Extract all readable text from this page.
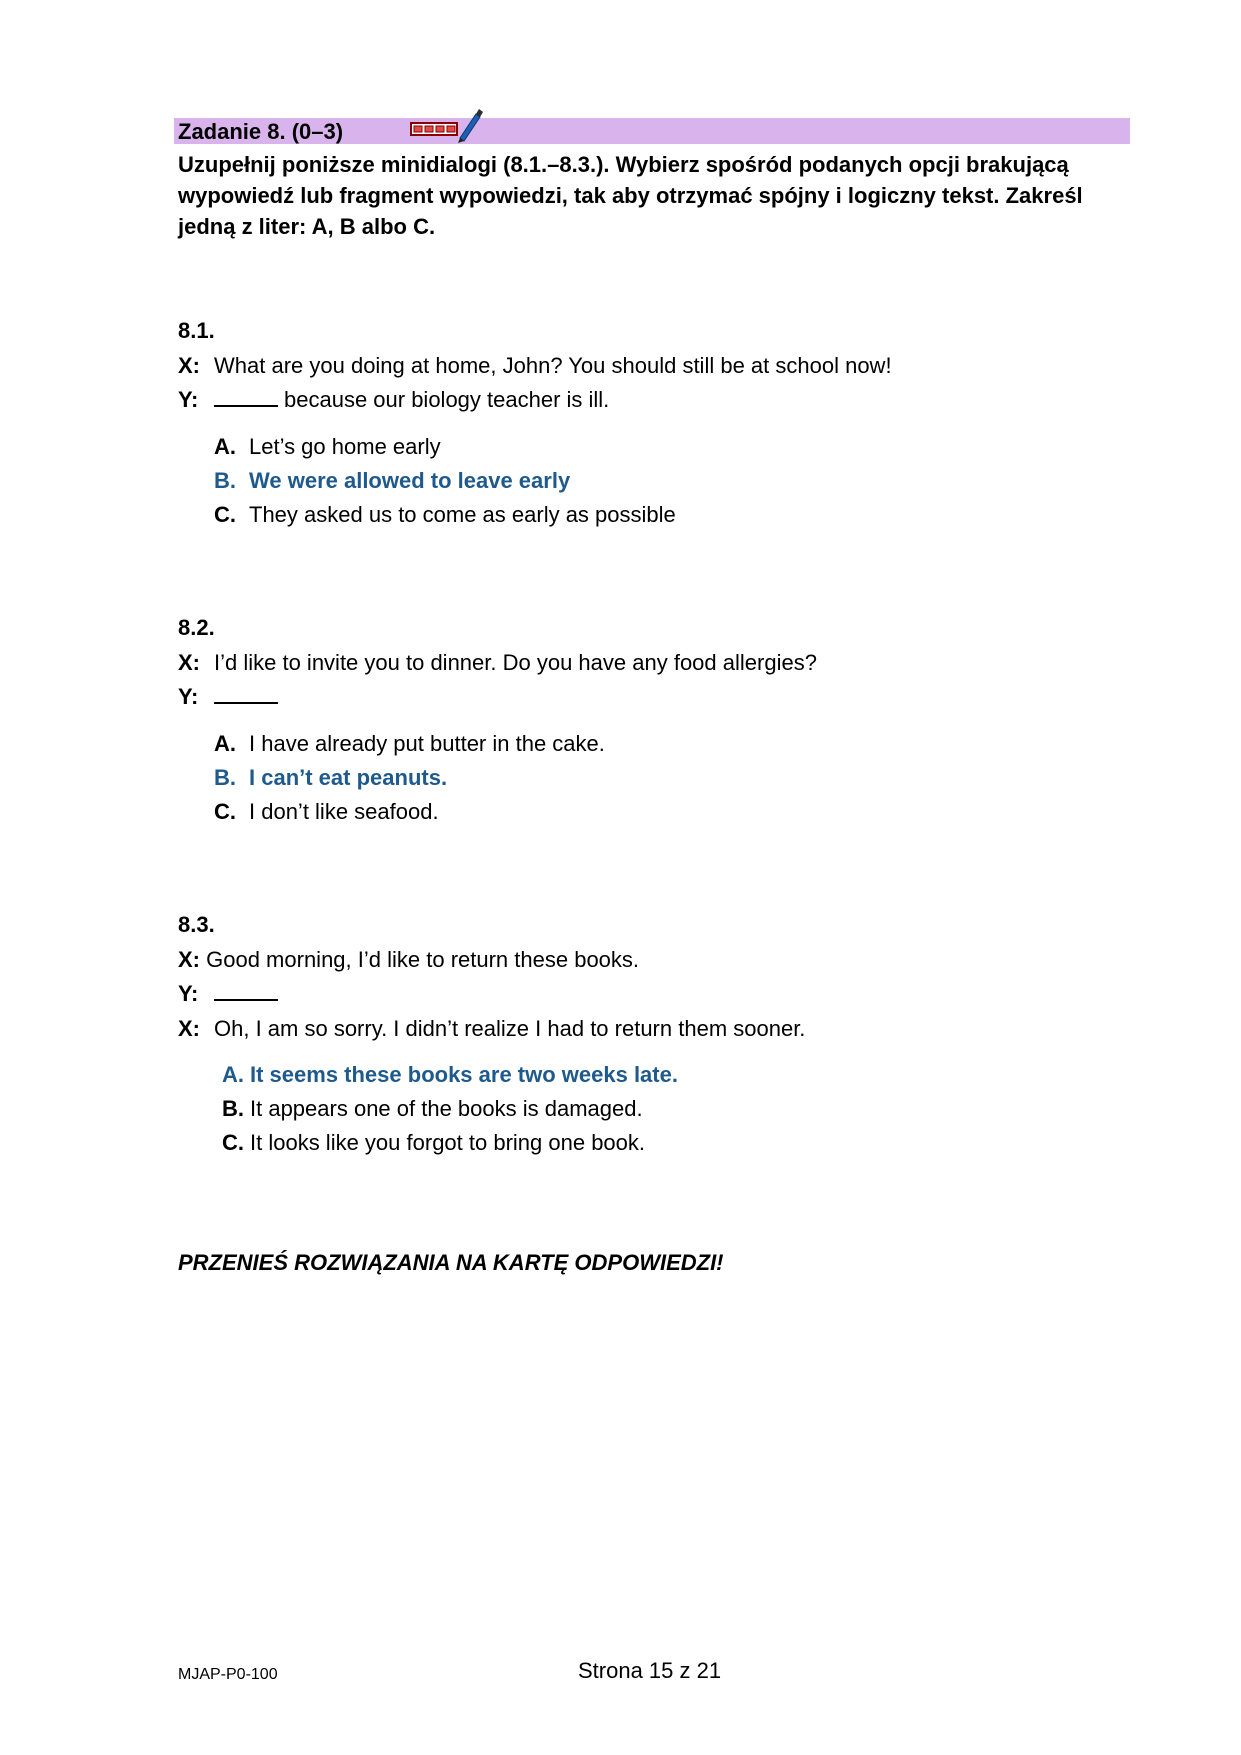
Zadanie 8. (0–3)

Uzupełnij poniższe minidialogi (8.1.–8.3.). Wybierz spośród podanych opcji brakującą

wypowiedź lub fragment wypowiedzi, tak aby otrzymać spójny i logiczny tekst. Zakreśl

jedną z liter: A, B albo C.

8.1.
X: What are you doing at home, John? You should still be at school now!
Y:	because our biology teacher is ill.
A. Let’s go home early
B. We were allowed to leave early
C. They asked us to come as early as possible
8.2.
X: I’d like to invite you to dinner. Do you have any food allergies?
Y:
A. I have already put butter in the cake.
B. I can’t eat peanuts.
C. I don’t like seafood.
8.3.
X: Good morning, I’d like to return these books.
Y:
X: Oh, I am so sorry. I didn’t realize I had to return them sooner.
A. It seems these books are two weeks late.
B. It appears one of the books is damaged.
C. It looks like you forgot to bring one book.
PRZENIEŚ ROZWIĄZANIA NA KARTĘ ODPOWIEDZI!
MJAP-P0-100	Strona 15 z 21
